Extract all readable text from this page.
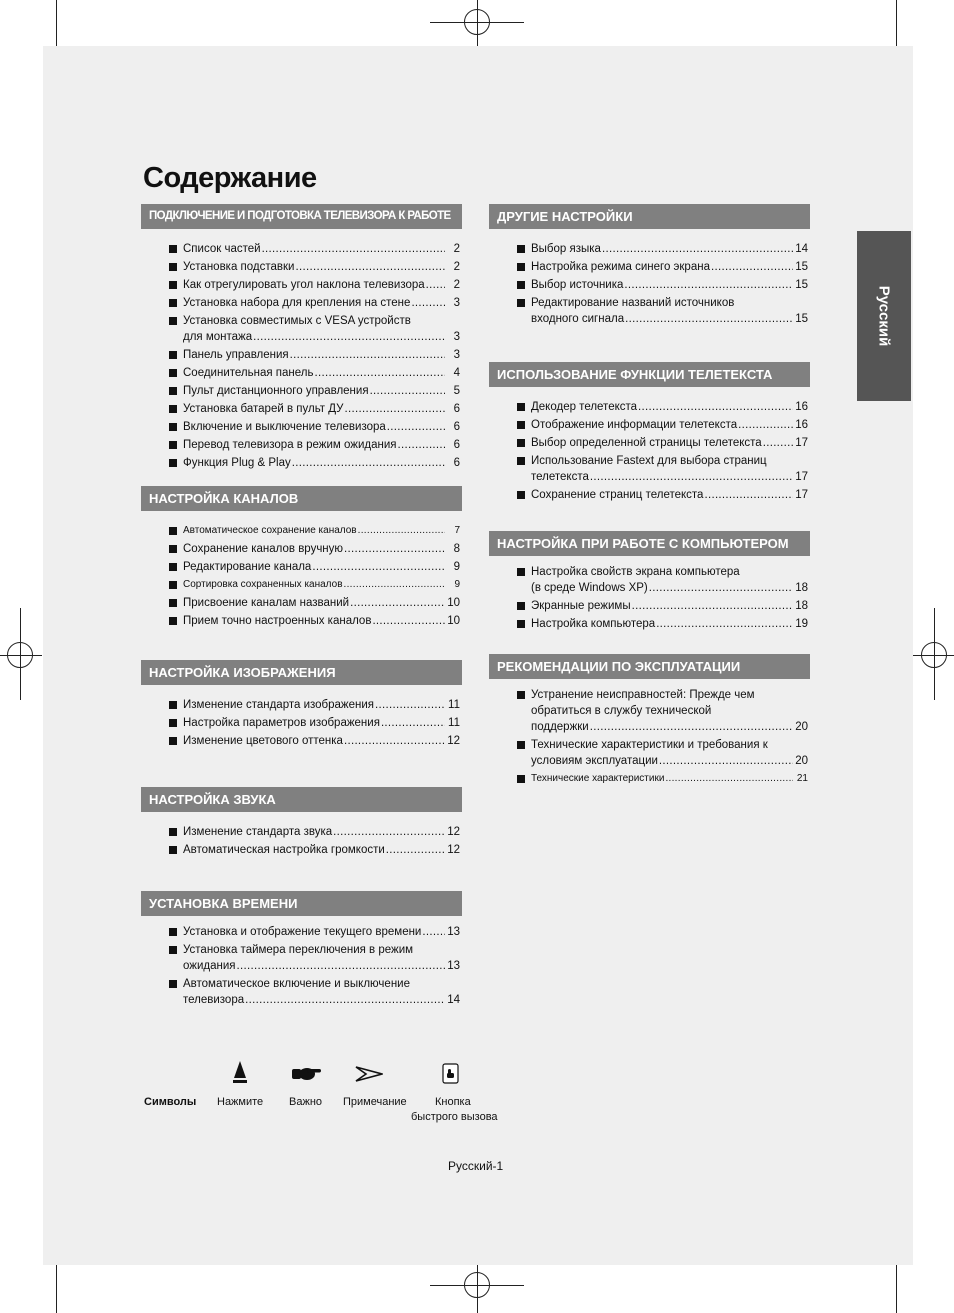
Содержание
Русский
ПОДКЛЮЧЕНИЕ И ПОДГОТОВКА ТЕЛЕВИЗОРА К РАБОТЕ
Список частей .....	2
Установка подставки .....	2
Как отрегулировать угол наклона телевизора .....	2
Установка набора для крепления на стене .....	3
Установка совместимых с VESA устройств
для монтажа .....	3
Панель управления .....	3
Соединительная панель .....	4
Пульт дистанционного управления .....	5
Установка батарей в пульт ДУ .....	6
Включение и выключение телевизора .....	6
Перевод телевизора в режим ожидания .....	6
Функция Plug & Play .....	6
НАСТРОЙКА КАНАЛОВ
Автоматическое сохранение каналов .....	7
Сохранение каналов вручную .....	8
Редактирование канала .....	9
Сортировка сохраненных каналов .....	9
Присвоение каналам названий .....	10
Прием точно настроенных каналов .....	10
НАСТРОЙКА ИЗОБРАЖЕНИЯ
Изменение стандарта изображения .....	11
Настройка параметров изображения .....	11
Изменение цветового оттенка .....	12
НАСТРОЙКА ЗВУКА
Изменение стандарта звука .....	12
Автоматическая настройка громкости .....	12
УСТАНОВКА ВРЕМЕНИ
Установка и отображение текущего времени ..... 13
Установка таймера переключения в режим
ожидания .....	13
Автоматическое включение и выключение
телевизора .....	14
ДРУГИЕ НАСТРОЙКИ
Выбор языка .....	14
Настройка режима синего экрана .....	15
Выбор источника .....	15
Редактирование названий источников
входного сигнала .....	15
ИСПОЛЬЗОВАНИЕ ФУНКЦИИ ТЕЛЕТЕКСТА
Декодер телетекста .....	16
Отображение информации телетекста .....	16
Выбор определенной страницы телетекста .....	17
Использование Fastext для выбора страниц
телетекста .....	17
Сохранение страниц телетекста .....	17
НАСТРОЙКА ПРИ РАБОТЕ С КОМПЬЮТЕРОМ
Настройка свойств экрана компьютера
(в среде Windows XP) .....	18
Экранные режимы .....	18
Настройка компьютера .....	19
РЕКОМЕНДАЦИИ ПО ЭКСПЛУАТАЦИИ
Устранение неисправностей: Прежде чем
обратиться в службу технической
поддержки .....	20
Технические характеристики и требования к
условиям эксплуатации .....	20
Технические характеристики .....	21
Символы Нажмите Важно Примечание	Кнопка
быстрого вызова
Русский-1
